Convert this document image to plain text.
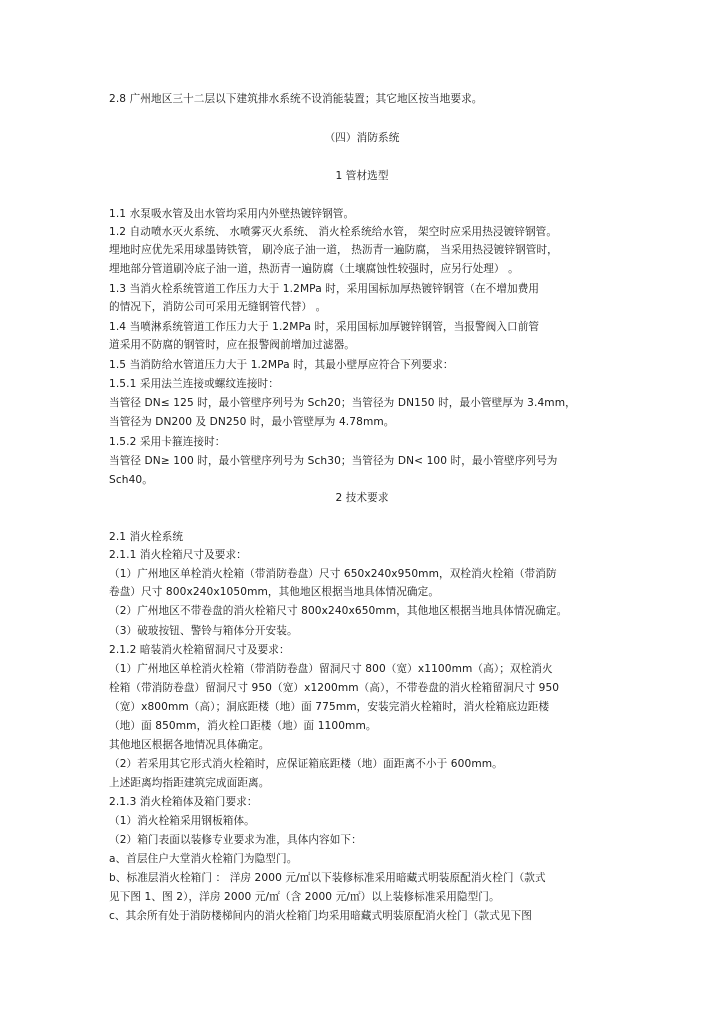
2.8 广州地区三十二层以下建筑排水系统不设消能装置；其它地区按当地要求。
（四）消防系统
1 管材选型
1.1 水泵吸水管及出水管均采用内外壁热镀锌钢管。
1.2 自动喷水灭火系统、 水喷雾灭火系统、 消火栓系统给水管， 架空时应采用热浸镀锌钢管。
埋地时应优先采用球墨铸铁管， 刷冷底子油一道， 热沥青一遍防腐， 当采用热浸镀锌钢管时，
埋地部分管道刷冷底子油一道，热沥青一遍防腐（土壤腐蚀性较强时，应另行处理） 。
1.3 当消火栓系统管道工作压力大于 1.2MPa 时，采用国标加厚热镀锌钢管（在不增加费用
的情况下，消防公司可采用无缝钢管代替） 。
1.4 当喷淋系统管道工作压力大于 1.2MPa 时，采用国标加厚镀锌钢管，当报警阀入口前管
道采用不防腐的钢管时，应在报警阀前增加过滤器。
1.5 当消防给水管道压力大于 1.2MPa 时，其最小壁厚应符合下列要求：
1.5.1 采用法兰连接或螺纹连接时：
当管径 DN≤ 125 时，最小管壁序列号为 Sch20；当管径为 DN150 时，最小管壁厚为 3.4mm，
当管径为 DN200 及 DN250 时，最小管壁厚为 4.78mm。
1.5.2 采用卡箍连接时：
当管径 DN≥ 100 时，最小管壁序列号为 Sch30；当管径为 DN< 100 时，最小管壁序列号为
Sch40。
2 技术要求
2.1 消火栓系统
2.1.1 消火栓箱尺寸及要求：
（1）广州地区单栓消火栓箱（带消防卷盘）尺寸 650x240x950mm，双栓消火栓箱（带消防
卷盘）尺寸 800x240x1050mm，其他地区根据当地具体情况确定。
（2）广州地区不带卷盘的消火栓箱尺寸 800x240x650mm，其他地区根据当地具体情况确定。
（3）破玻按钮、警铃与箱体分开安装。
2.1.2 暗装消火栓箱留洞尺寸及要求：
（1）广州地区单栓消火栓箱（带消防卷盘）留洞尺寸 800（宽）x1100mm（高）；双栓消火
栓箱（带消防卷盘）留洞尺寸 950（宽）x1200mm（高），不带卷盘的消火栓箱留洞尺寸 950
（宽）x800mm（高）；洞底距楼（地）面 775mm，安装完消火栓箱时，消火栓箱底边距楼
（地）面 850mm，消火栓口距楼（地）面 1100mm。
其他地区根据各地情况具体确定。
（2）若采用其它形式消火栓箱时，应保证箱底距楼（地）面距离不小于 600mm。
上述距离均指距建筑完成面距离。
2.1.3 消火栓箱体及箱门要求：
（1）消火栓箱采用钢板箱体。
（2）箱门表面以装修专业要求为准，具体内容如下：
a、首层住户大堂消火栓箱门为隐型门。
b、标准层消火栓箱门 ： 洋房 2000 元/㎡以下装修标准采用暗藏式明装原配消火栓门（款式
见下图 1、图 2），洋房 2000 元/㎡（含 2000 元/㎡）以上装修标准采用隐型门。
c、其余所有处于消防楼梯间内的消火栓箱门均采用暗藏式明装原配消火栓门（款式见下图
